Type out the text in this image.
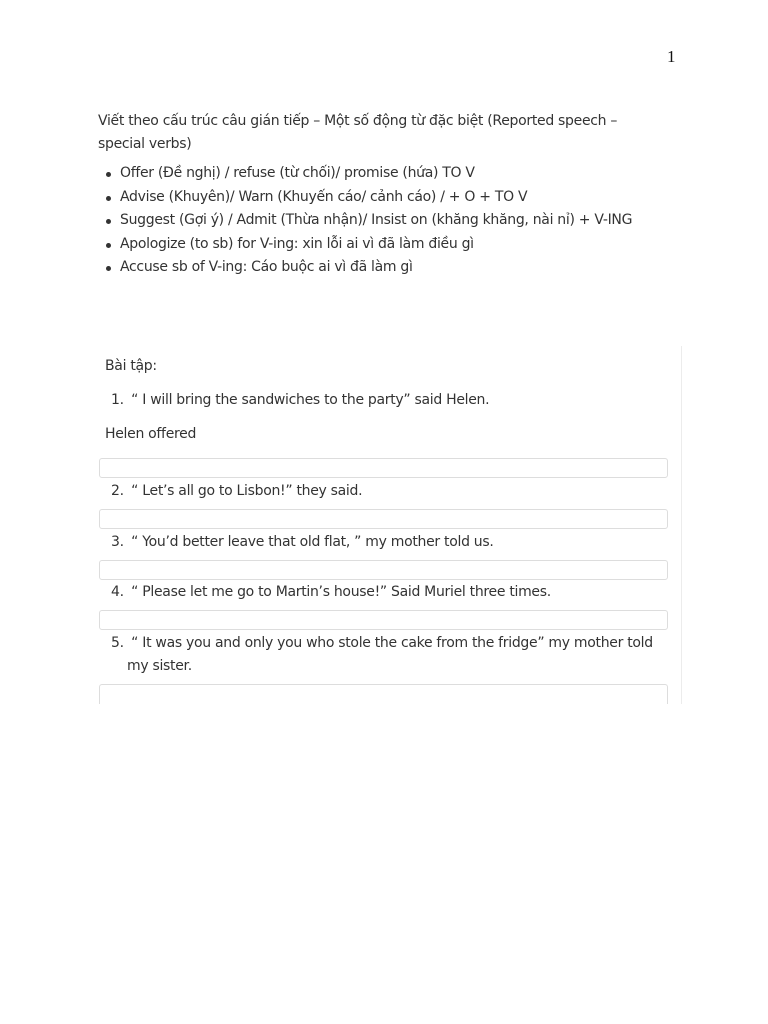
1

Viết theo cấu trúc câu gián tiếp – Một số động từ đặc biệt (Reported speech – special verbs)

Offer (Đề nghị) / refuse (từ chối)/ promise (hứa) TO V
Advise (Khuyên)/ Warn (Khuyến cáo/ cảnh cáo) / + O + TO V
Suggest (Gợi ý) / Admit (Thừa nhận)/ Insist on (khăng khăng, nài nỉ) + V-ING
Apologize (to sb) for V-ing: xin lỗi ai vì đã làm điều gì
Accuse sb of V-ing: Cáo buộc ai vì đã làm gì
Bài tập:
1. “ I will bring the sandwiches to the party” said Helen.
Helen offered
2. “ Let’s all go to Lisbon!” they said.
3. “ You’d better leave that old flat, ” my mother told us.
4. “ Please let me go to Martin’s house!” Said Muriel three times.
5. “ It was you and only you who stole the cake from the fridge” my mother told
my sister.
